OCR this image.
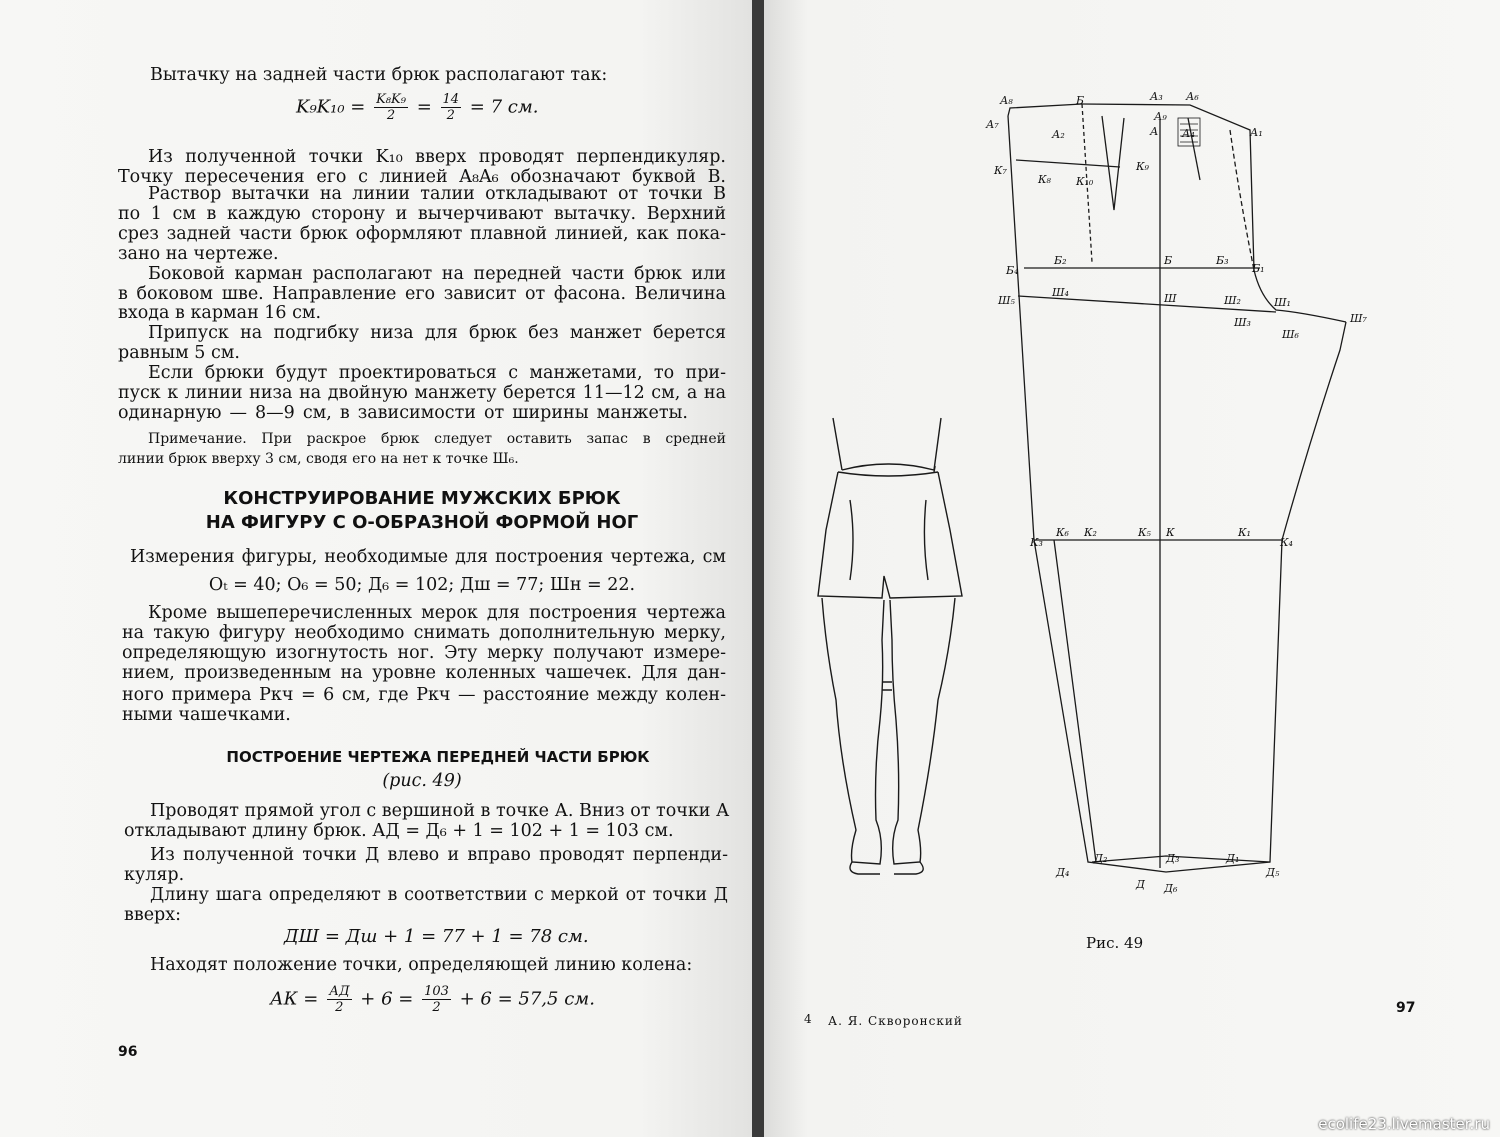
Вытачку на задней части брюк располагают так:

$K_9K_{10} = \frac{\text{K₈K₉}}{2} = \frac{14}{2} = 7$ см.

Из полученной точки K₁₀ вверх проводят перпендикуляр.

Точку пересечения его с линией A₈A₆ обозначают буквой B.

Раствор вытачки на линии талии откладывают от точки B

по 1 см в каждую сторону и вычерчивают вытачку. Верхний

срез задней части брюк оформляют плавной линией, как пока-

зано на чертеже.

Боковой карман располагают на передней части брюк или

в боковом шве. Направление его зависит от фасона. Величина

входа в карман 16 см.

Припуск на подгибку низа для брюк без манжет берется

равным 5 см.

Если брюки будут проектироваться с манжетами, то при-

пуск к линии низа на двойную манжету берется 11—12 см, а на

одинарную — 8—9 см, в зависимости от ширины манжеты.

Примечание. При раскрое брюк следует оставить запас в средней

линии брюк вверху 3 см, сводя его на нет к точке Ш₆.

КОНСТРУИРОВАНИЕ МУЖСКИХ БРЮК

НА ФИГУРУ С О-ОБРАЗНОЙ ФОРМОЙ НОГ

Измерения фигуры, необходимые для построения чертежа, см

Оₜ = 40; О₆ = 50; Д₆ = 102; Дш = 77; Шн = 22.

Кроме вышеперечисленных мерок для построения чертежа

на такую фигуру необходимо снимать дополнительную мерку,

определяющую изогнутость ног. Эту мерку получают измере-

нием, произведенным на уровне коленных чашечек. Для дан-

ного примера Ркч = 6 см, где Ркч — расстояние между колен-

ными чашечками.

ПОСТРОЕНИЕ ЧЕРТЕЖА ПЕРЕДНЕЙ ЧАСТИ БРЮК

(рис. 49)

Проводят прямой угол с вершиной в точке А. Вниз от точки А

откладывают длину брюк. АД = Д₆ + 1 = 102 + 1 = 103 см.

Из полученной точки Д влево и вправо проводят перпенди-

куляр.

Длину шага определяют в соответствии с меркой от точки Д

вверх:

ДШ = Дш + 1 = 77 + 1 = 78 см.

Находят положение точки, определяющей линию колена:

АК = $\frac{АД}{2} + 6 = \frac{103}{2} + 6 = 57,5$ см.
96
А₈
А₇
Б
А₂
А₃ А₆
А₉
А А₄	А₁
К₇
К₈ К₁₀
К₉
Б₄
Б₂	Б	Б₃
Б₁
Ш₅
Ш₄	Ш	Ш₂	Ш₁
Ш₃
Ш₆
Ш₇
К₃
К₆ К₂	К₅ К	К₁
К₄
Д₄
Д₂	Д₃	Д₁
Д₅
Д Д₆
Рис. 49
4 А. Я. Скворонский
97
ecolife23.livemaster.ru
